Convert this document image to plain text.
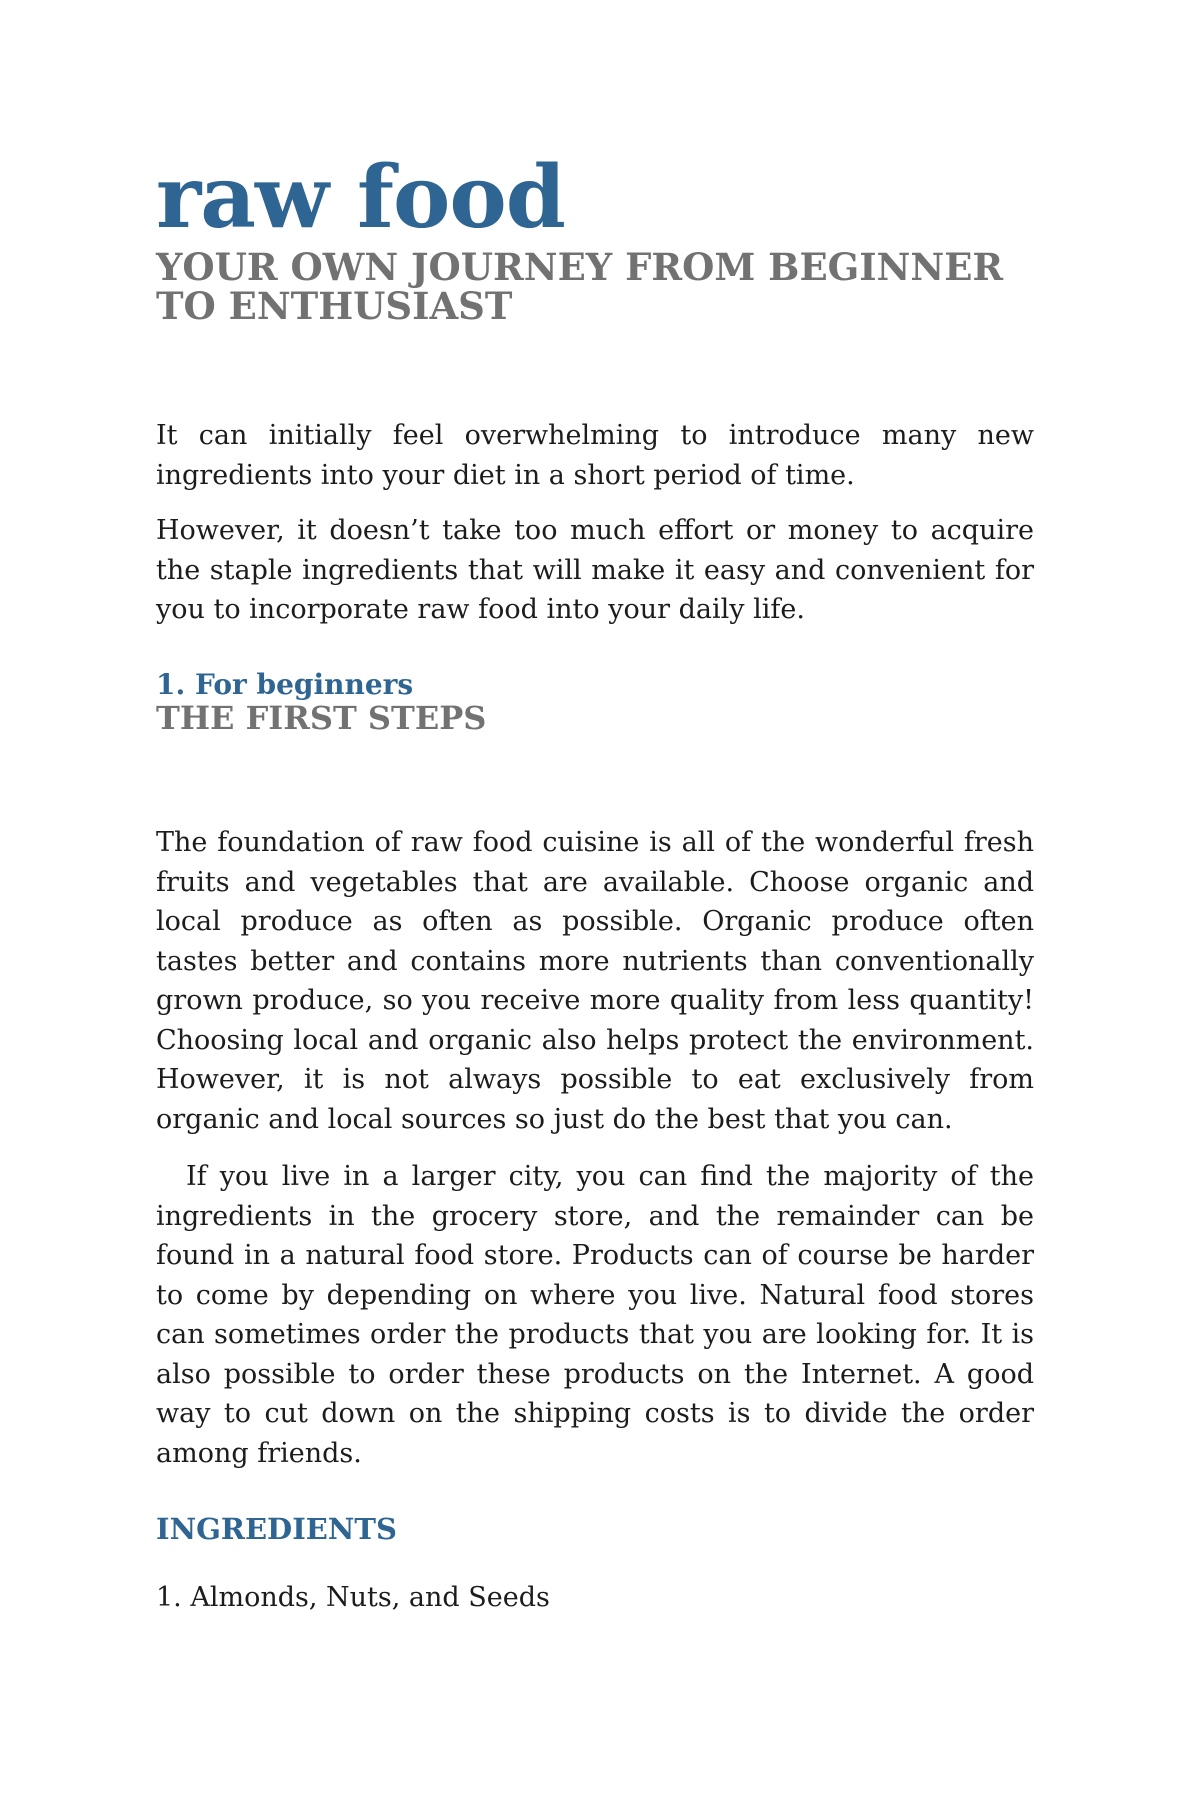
raw food
YOUR OWN JOURNEY FROM BEGINNER TO ENTHUSIAST

It can initially feel overwhelming to introduce many new ingredients into your diet in a short period of time.

However, it doesn’t take too much effort or money to acquire the staple ingredients that will make it easy and convenient for you to incorporate raw food into your daily life.

1. For beginners
THE FIRST STEPS

The foundation of raw food cuisine is all of the wonderful fresh fruits and vegetables that are available. Choose organic and local produce as often as possible. Organic produce often tastes better and contains more nutrients than conventionally grown produce, so you receive more quality from less quantity! Choosing local and organic also helps protect the environment. However, it is not always possible to eat exclusively from organic and local sources so just do the best that you can.

If you live in a larger city, you can find the majority of the ingredients in the grocery store, and the remainder can be found in a natural food store. Products can of course be harder to come by depending on where you live. Natural food stores can sometimes order the products that you are looking for. It is also possible to order these products on the Internet. A good way to cut down on the shipping costs is to divide the order among friends.

INGREDIENTS

1. Almonds, Nuts, and Seeds
